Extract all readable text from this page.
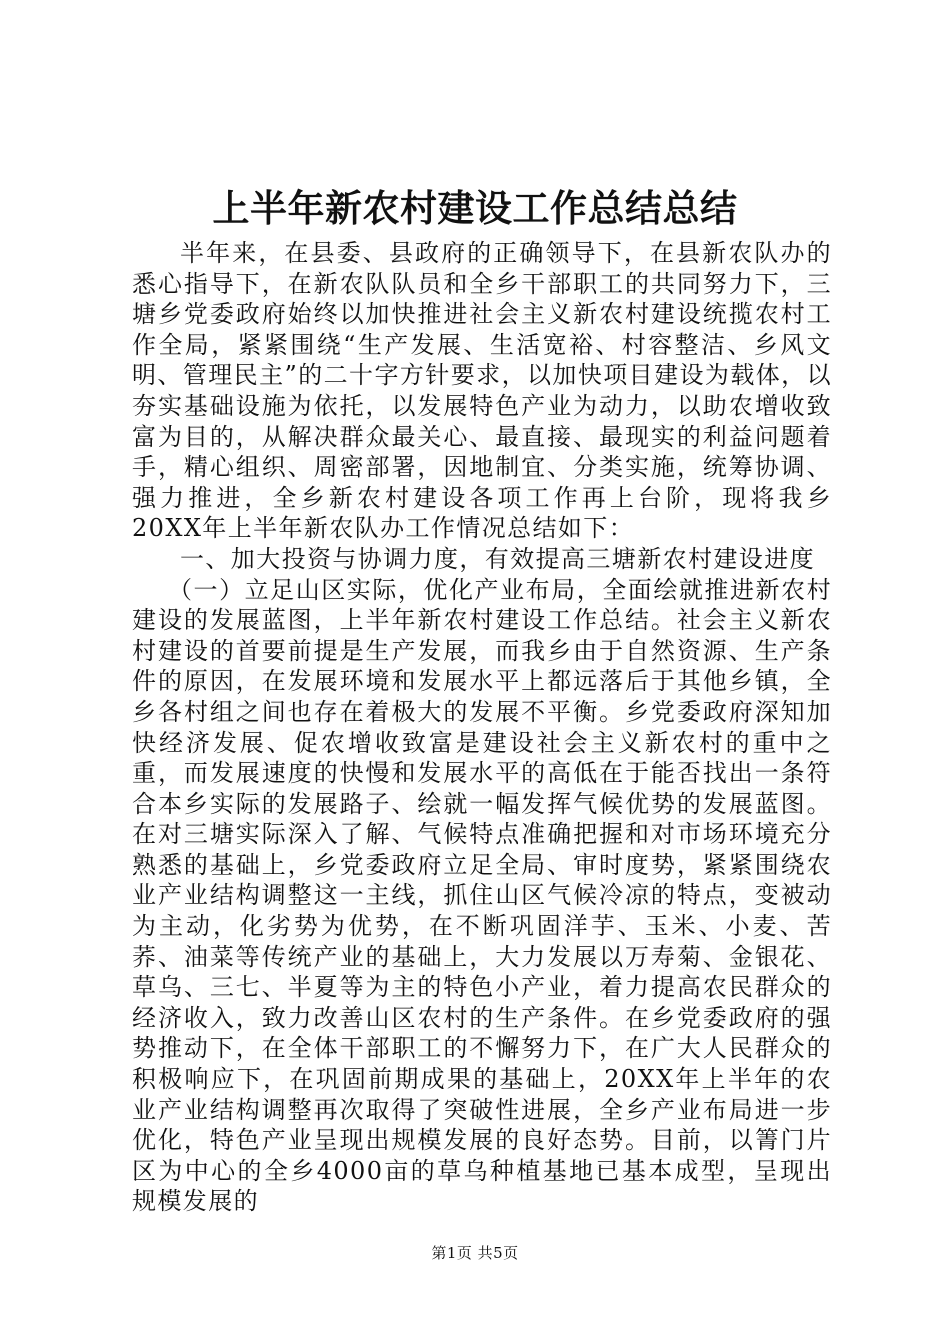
上半年新农村建设工作总结总结

半年来，在县委、县政府的正确领导下，在县新农队办的悉心指导下，在新农队队员和全乡干部职工的共同努力下，三塘乡党委政府始终以加快推进社会主义新农村建设统揽农村工作全局，紧紧围绕“生产发展、生活宽裕、村容整洁、乡风文明、管理民主”的二十字方针要求，以加快项目建设为载体，以夯实基础设施为依托，以发展特色产业为动力，以助农增收致富为目的，从解决群众最关心、最直接、最现实的利益问题着手，精心组织、周密部署，因地制宜、分类实施，统筹协调、强力推进，全乡新农村建设各项工作再上台阶，现将我乡20XX年上半年新农队办工作情况总结如下：

一、加大投资与协调力度，有效提高三塘新农村建设进度

（一）立足山区实际，优化产业布局，全面绘就推进新农村建设的发展蓝图，上半年新农村建设工作总结。社会主义新农村建设的首要前提是生产发展，而我乡由于自然资源、生产条件的原因，在发展环境和发展水平上都远落后于其他乡镇，全乡各村组之间也存在着极大的发展不平衡。乡党委政府深知加快经济发展、促农增收致富是建设社会主义新农村的重中之重，而发展速度的快慢和发展水平的高低在于能否找出一条符合本乡实际的发展路子、绘就一幅发挥气候优势的发展蓝图。在对三塘实际深入了解、气候特点准确把握和对市场环境充分熟悉的基础上，乡党委政府立足全局、审时度势，紧紧围绕农业产业结构调整这一主线，抓住山区气候冷凉的特点，变被动为主动，化劣势为优势，在不断巩固洋芋、玉米、小麦、苦荞、油菜等传统产业的基础上，大力发展以万寿菊、金银花、草乌、三七、半夏等为主的特色小产业，着力提高农民群众的经济收入，致力改善山区农村的生产条件。在乡党委政府的强势推动下，在全体干部职工的不懈努力下，在广大人民群众的积极响应下，在巩固前期成果的基础上，20XX年上半年的农业产业结构调整再次取得了突破性进展，全乡产业布局进一步优化，特色产业呈现出规模发展的良好态势。目前，以箐门片区为中心的全乡4000亩的草乌种植基地已基本成型，呈现出规模发展的

第1页 共5页
